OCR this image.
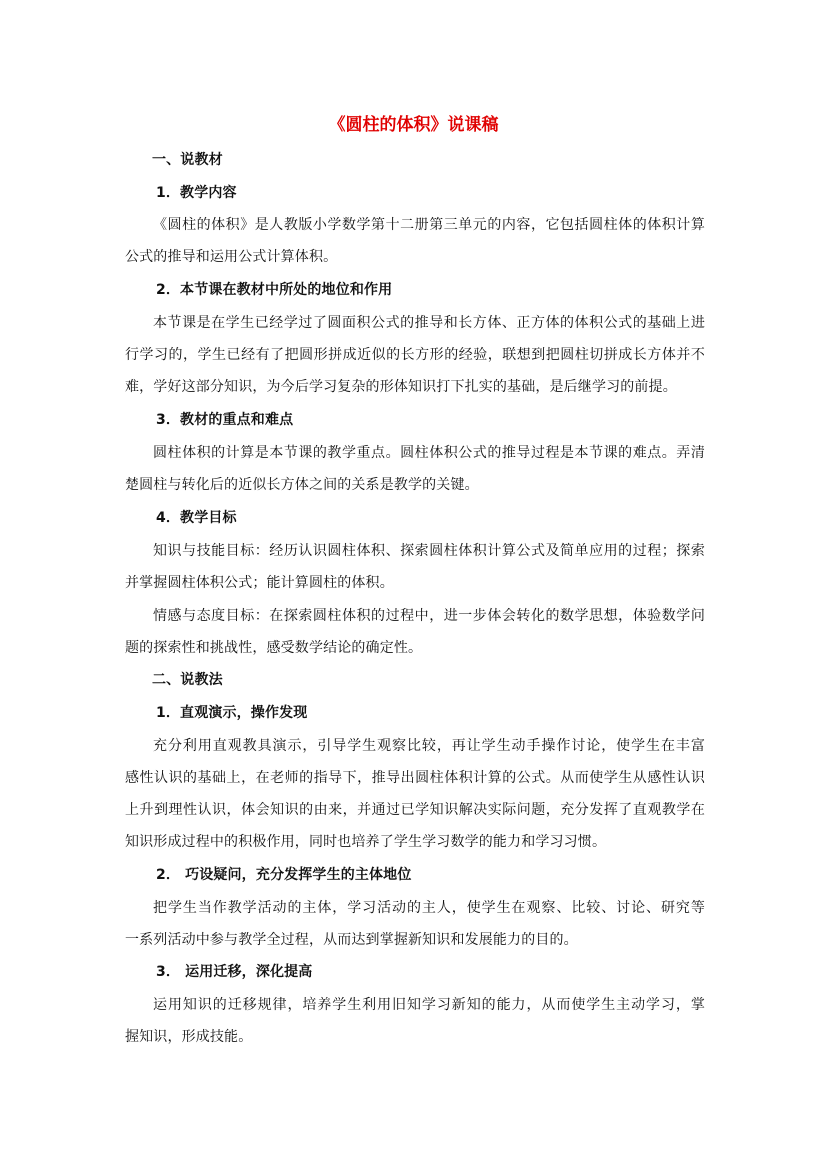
《圆柱的体积》说课稿
一、说教材
1．教学内容
《圆柱的体积》是人教版小学数学第十二册第三单元的内容，它包括圆柱体的体积计算
公式的推导和运用公式计算体积。
2．本节课在教材中所处的地位和作用
本节课是在学生已经学过了圆面积公式的推导和长方体、正方体的体积公式的基础上进
行学习的，学生已经有了把圆形拼成近似的长方形的经验，联想到把圆柱切拼成长方体并不
难，学好这部分知识，为今后学习复杂的形体知识打下扎实的基础，是后继学习的前提。
3．教材的重点和难点
圆柱体积的计算是本节课的教学重点。圆柱体积公式的推导过程是本节课的难点。弄清
楚圆柱与转化后的近似长方体之间的关系是教学的关键。
4．教学目标
知识与技能目标：经历认识圆柱体积、探索圆柱体积计算公式及简单应用的过程；探索
并掌握圆柱体积公式；能计算圆柱的体积。
情感与态度目标：在探索圆柱体积的过程中，进一步体会转化的数学思想，体验数学问
题的探索性和挑战性，感受数学结论的确定性。
二、说教法
1．直观演示，操作发现
充分利用直观教具演示，引导学生观察比较，再让学生动手操作讨论，使学生在丰富
感性认识的基础上，在老师的指导下，推导出圆柱体积计算的公式。从而使学生从感性认识
上升到理性认识，体会知识的由来，并通过已学知识解决实际问题，充分发挥了直观教学在
知识形成过程中的积极作用，同时也培养了学生学习数学的能力和学习习惯。
2． 巧设疑问，充分发挥学生的主体地位
把学生当作教学活动的主体，学习活动的主人，使学生在观察、比较、讨论、研究等
一系列活动中参与教学全过程，从而达到掌握新知识和发展能力的目的。
3． 运用迁移，深化提高
运用知识的迁移规律，培养学生利用旧知学习新知的能力，从而使学生主动学习，掌
握知识，形成技能。
